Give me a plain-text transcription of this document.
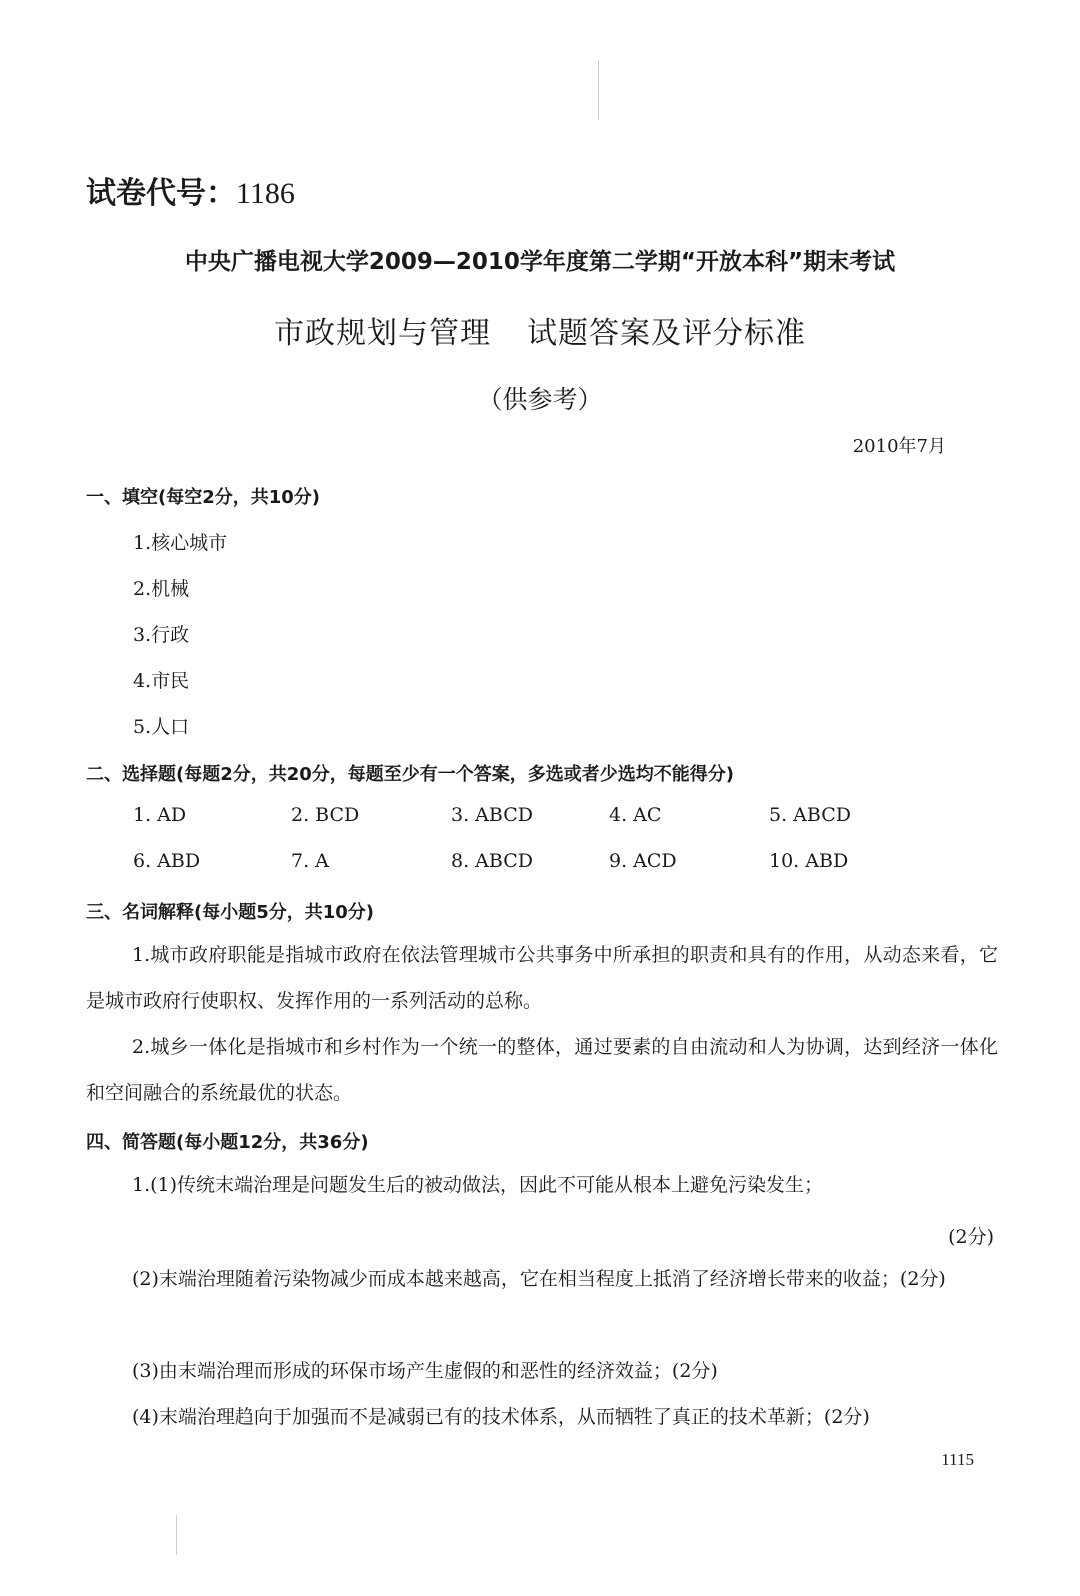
试卷代号：1186
中央广播电视大学2009—2010学年度第二学期“开放本科”期末考试
市政规划与管理 试题答案及评分标准
（供参考）
2010年7月
一、填空(每空2分，共10分)
1.核心城市
2.机械
3.行政
4.市民
5.人口
二、选择题(每题2分，共20分，每题至少有一个答案，多选或者少选均不能得分)
1. AD	2. BCD	3. ABCD	4. AC	5. ABCD
6. ABD	7. A	8. ABCD	9. ACD	10. ABD
三、名词解释(每小题5分，共10分)
1.城市政府职能是指城市政府在依法管理城市公共事务中所承担的职责和具有的作用，从动态来看，它是城市政府行使职权、发挥作用的一系列活动的总称。
2.城乡一体化是指城市和乡村作为一个统一的整体，通过要素的自由流动和人为协调，达到经济一体化和空间融合的系统最优的状态。
四、简答题(每小题12分，共36分)
1.(1)传统末端治理是问题发生后的被动做法，因此不可能从根本上避免污染发生；
(2分)
(2)末端治理随着污染物减少而成本越来越高，它在相当程度上抵消了经济增长带来的收益；(2分)
(3)由末端治理而形成的环保市场产生虚假的和恶性的经济效益；(2分)
(4)末端治理趋向于加强而不是减弱已有的技术体系，从而牺牲了真正的技术革新；(2分)
1115
